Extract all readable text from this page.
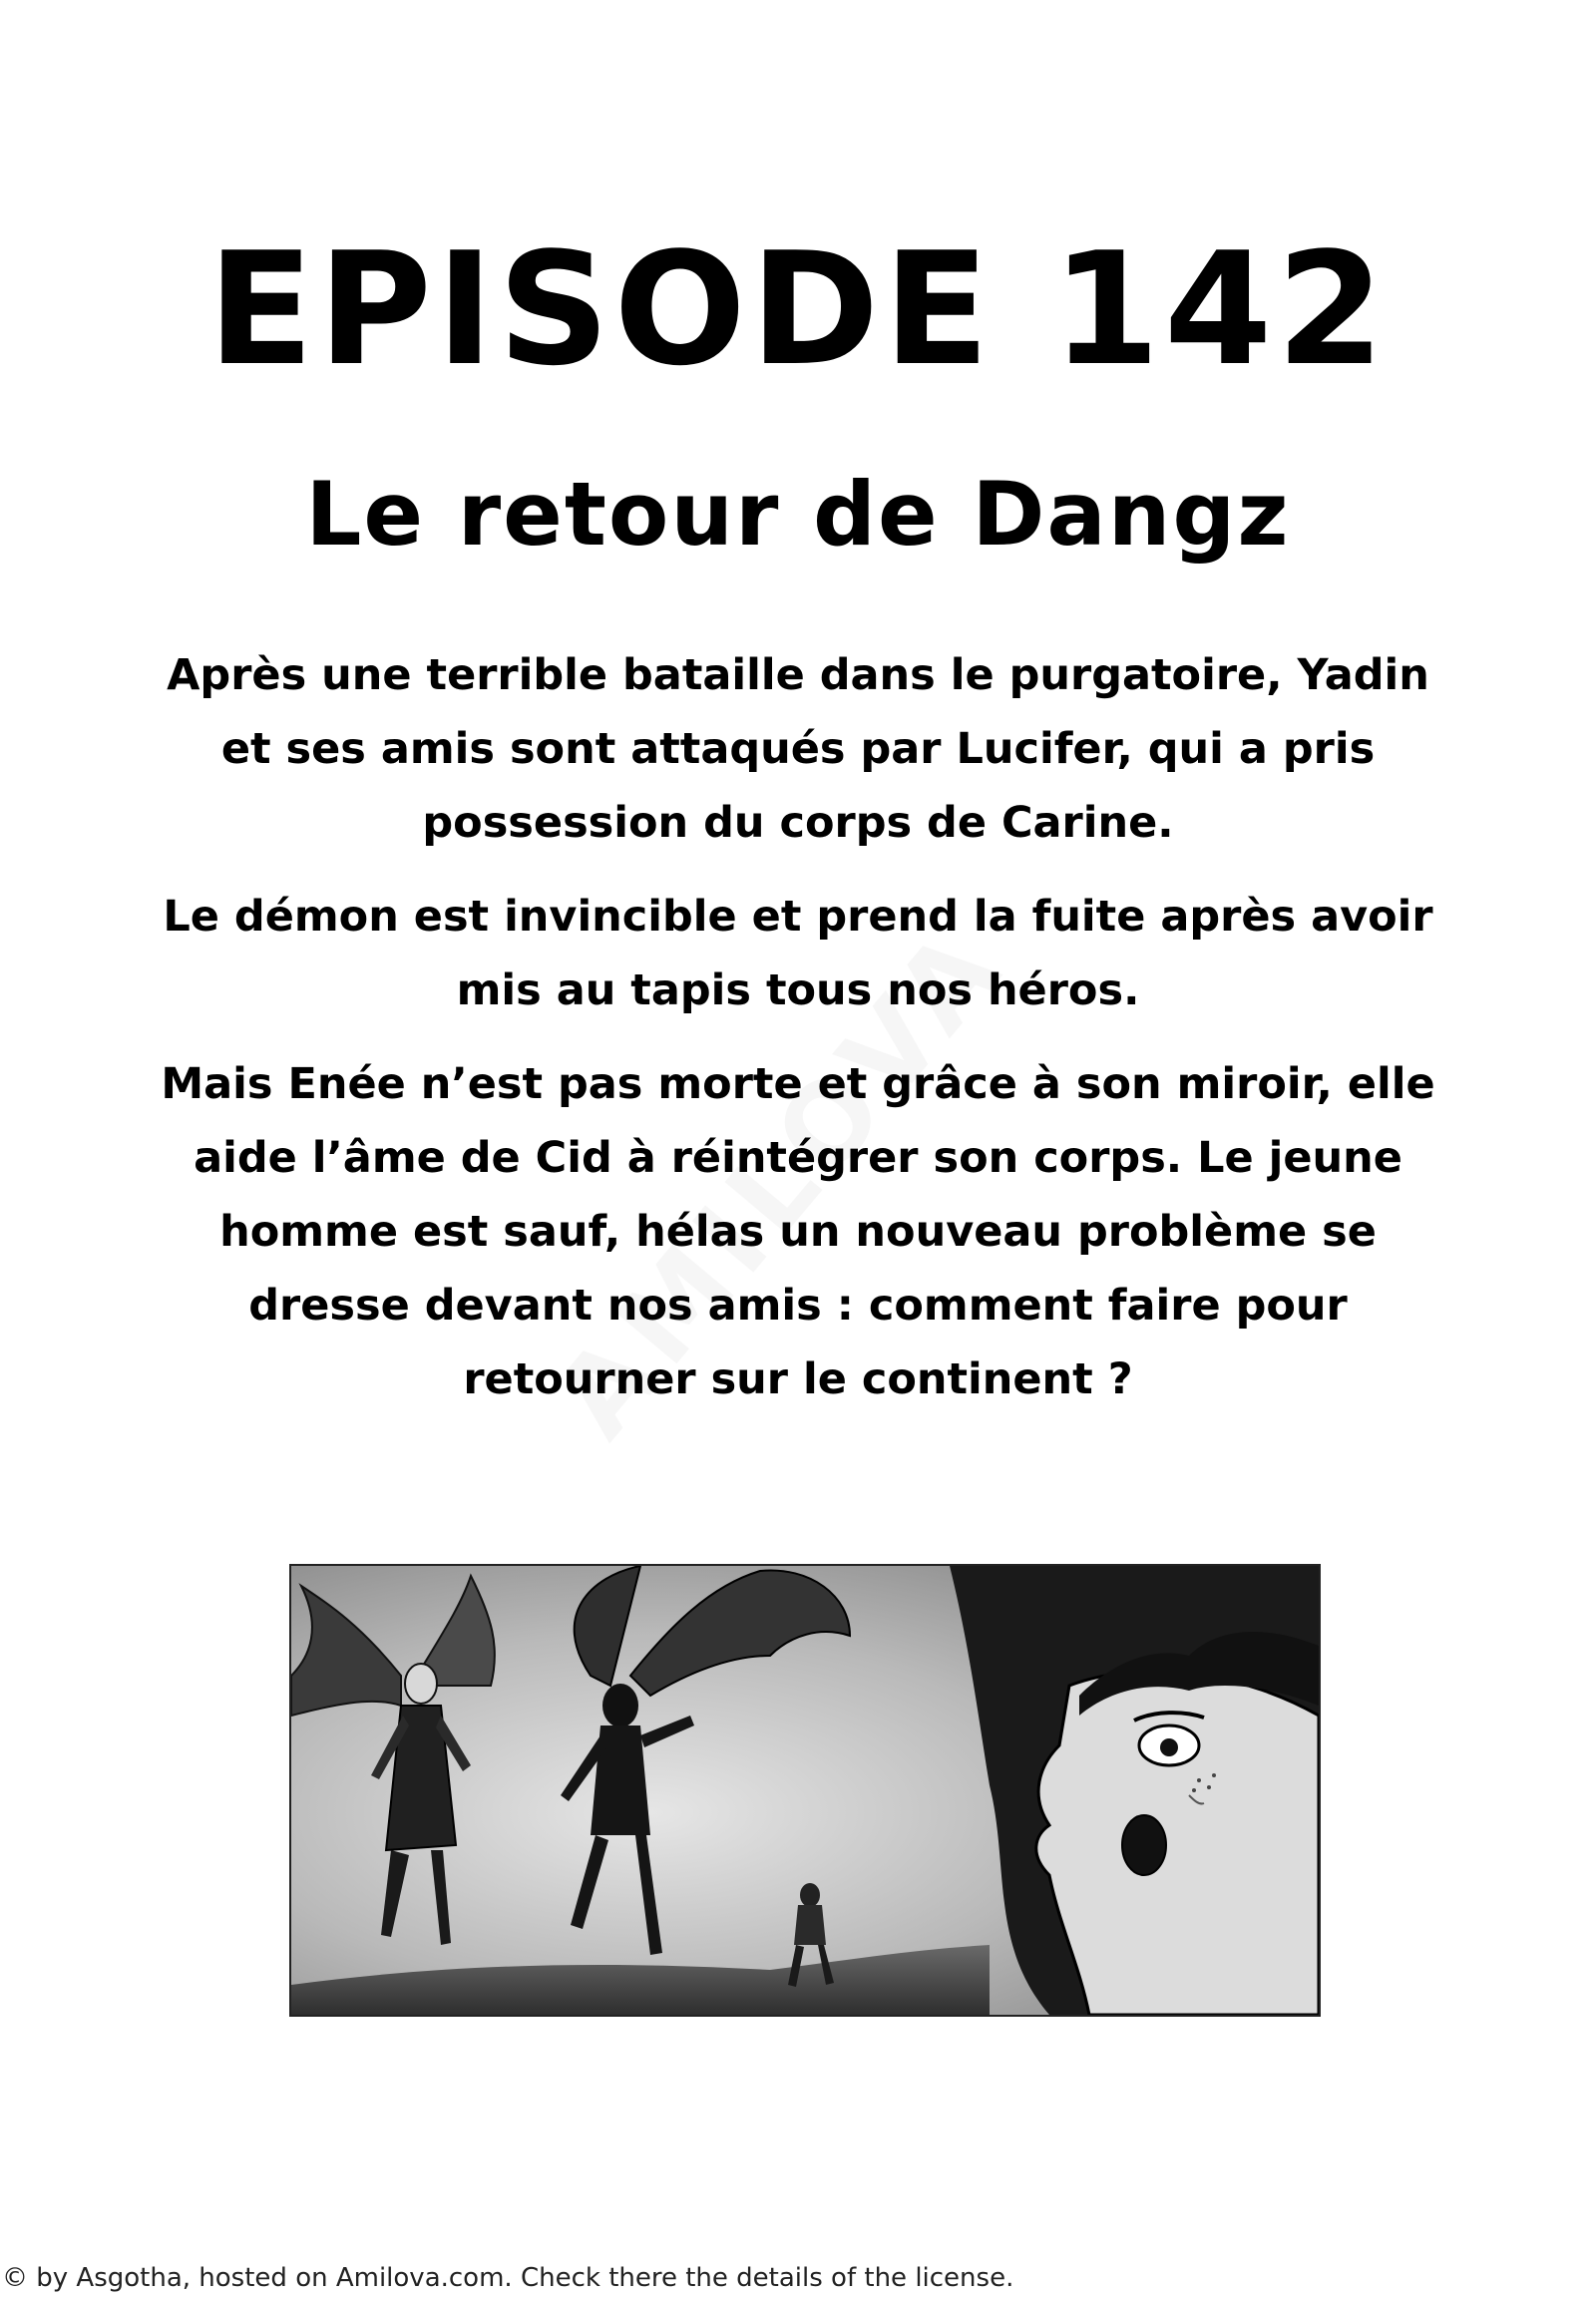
EPISODE 142
Le retour de Dangz

Après une terrible bataille dans le purgatoire, Yadin et ses amis sont attaqués par Lucifer, qui a pris possession du corps de Carine.

Le démon est invincible et prend la fuite après avoir mis au tapis tous nos héros.

Mais Enée n’est pas morte et grâce à son miroir, elle aide l’âme de Cid à réintégrer son corps. Le jeune homme est sauf, hélas un nouveau problème se dresse devant nos amis : comment faire pour retourner sur le continent ?

© by Asgotha, hosted on Amilova.com. Check there the details of the license.
